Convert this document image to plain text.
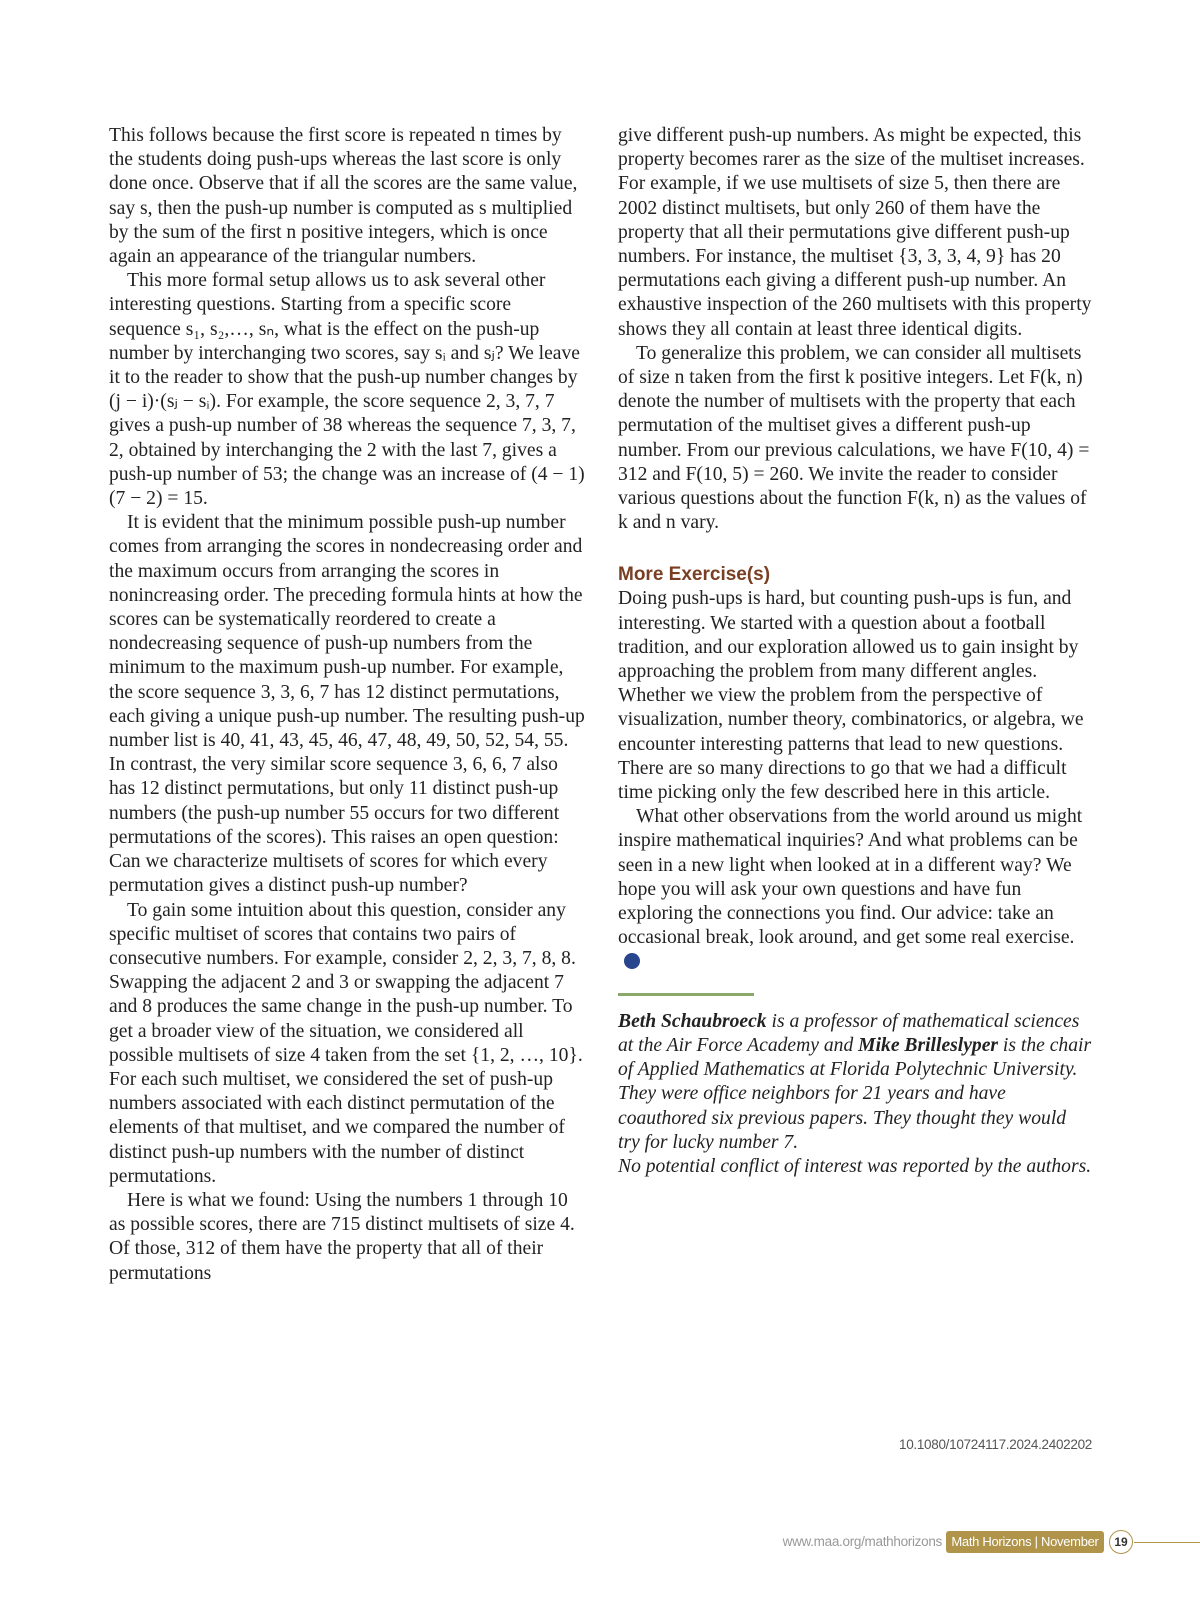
This follows because the first score is repeated n times by the students doing push-ups whereas the last score is only done once. Observe that if all the scores are the same value, say s, then the push-up number is computed as s multiplied by the sum of the first n positive integers, which is once again an appearance of the triangular numbers.

This more formal setup allows us to ask several other interesting questions. Starting from a specific score sequence s₁, s₂,…, sₙ, what is the effect on the push-up number by interchanging two scores, say sᵢ and sⱼ? We leave it to the reader to show that the push-up number changes by (j − i)·(sⱼ − sᵢ). For example, the score sequence 2, 3, 7, 7 gives a push-up number of 38 whereas the sequence 7, 3, 7, 2, obtained by interchanging the 2 with the last 7, gives a push-up number of 53; the change was an increase of (4 − 1)(7 − 2) = 15.

It is evident that the minimum possible push-up number comes from arranging the scores in nondecreasing order and the maximum occurs from arranging the scores in nonincreasing order. The preceding formula hints at how the scores can be systematically reordered to create a nondecreasing sequence of push-up numbers from the minimum to the maximum push-up number. For example, the score sequence 3, 3, 6, 7 has 12 distinct permutations, each giving a unique push-up number. The resulting push-up number list is 40, 41, 43, 45, 46, 47, 48, 49, 50, 52, 54, 55. In contrast, the very similar score sequence 3, 6, 6, 7 also has 12 distinct permutations, but only 11 distinct push-up numbers (the push-up number 55 occurs for two different permutations of the scores). This raises an open question: Can we characterize multisets of scores for which every permutation gives a distinct push-up number?

To gain some intuition about this question, consider any specific multiset of scores that contains two pairs of consecutive numbers. For example, consider 2, 2, 3, 7, 8, 8. Swapping the adjacent 2 and 3 or swapping the adjacent 7 and 8 produces the same change in the push-up number. To get a broader view of the situation, we considered all possible multisets of size 4 taken from the set {1, 2, …, 10}. For each such multiset, we considered the set of push-up numbers associated with each distinct permutation of the elements of that multiset, and we compared the number of distinct push-up numbers with the number of distinct permutations.

Here is what we found: Using the numbers 1 through 10 as possible scores, there are 715 distinct multisets of size 4. Of those, 312 of them have the property that all of their permutations

give different push-up numbers. As might be expected, this property becomes rarer as the size of the multiset increases. For example, if we use multisets of size 5, then there are 2002 distinct multisets, but only 260 of them have the property that all their permutations give different push-up numbers. For instance, the multiset {3, 3, 3, 4, 9} has 20 permutations each giving a different push-up number. An exhaustive inspection of the 260 multisets with this property shows they all contain at least three identical digits.

To generalize this problem, we can consider all multisets of size n taken from the first k positive integers. Let F(k, n) denote the number of multisets with the property that each permutation of the multiset gives a different push-up number. From our previous calculations, we have F(10, 4) = 312 and F(10, 5) = 260. We invite the reader to consider various questions about the function F(k, n) as the values of k and n vary.

More Exercise(s)

Doing push-ups is hard, but counting push-ups is fun, and interesting. We started with a question about a football tradition, and our exploration allowed us to gain insight by approaching the problem from many different angles. Whether we view the problem from the perspective of visualization, number theory, combinatorics, or algebra, we encounter interesting patterns that lead to new questions. There are so many directions to go that we had a difficult time picking only the few described here in this article.

What other observations from the world around us might inspire mathematical inquiries? And what problems can be seen in a new light when looked at in a different way? We hope you will ask your own questions and have fun exploring the connections you find. Our advice: take an occasional break, look around, and get some real exercise.

Beth Schaubroeck is a professor of mathematical sciences at the Air Force Academy and Mike Brilleslyper is the chair of Applied Mathematics at Florida Polytechnic University. They were office neighbors for 21 years and have coauthored six previous papers. They thought they would try for lucky number 7.

No potential conflict of interest was reported by the authors.

10.1080/10724117.2024.2402202
www.maa.org/mathhorizons Math Horizons | November 2024
19
